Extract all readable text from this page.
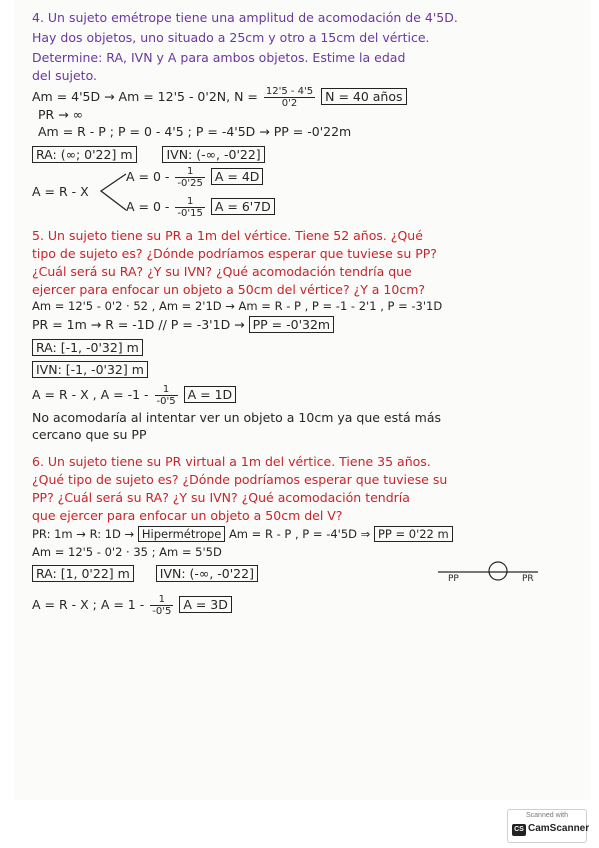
4. Un sujeto emétrope tiene una amplitud de acomodación de 4'5D.
Hay dos objetos, uno situado a 25cm y otro a 15cm del vértice.
Determine: RA, IVN y A para ambos objetos. Estime la edad
del sujeto.
Am = 4'5D → Am = 12'5 - 0'2N, $N = \frac{12'5 - 4'5}{0'2}$ N = 40 años
PR → ∞
Am = R - P ; P = 0 - 4'5 ; P = -4'5D → PP = -0'22m
RA: (∞; 0'22] m	IVN: (-∞, -0'22]
A = R - X
$A = 0 - \frac{1}{-0'25}$ A = 4D
$A = 0 - \frac{1}{-0'15}$ A = 6'7D
5. Un sujeto tiene su PR a 1m del vértice. Tiene 52 años. ¿Qué
tipo de sujeto es? ¿Dónde podríamos esperar que tuviese su PP?
¿Cuál será su RA? ¿Y su IVN? ¿Qué acomodación tendría que
ejercer para enfocar un objeto a 50cm del vértice? ¿Y a 10cm?
Am = 12'5 - 0'2 · 52 , Am = 2'1D → Am = R - P , P = -1 - 2'1 , P = -3'1D
PR = 1m → R = -1D // P = -3'1D → PP = -0'32m
RA: [-1, -0'32] m
IVN: [-1, -0'32] m
A = R - X , $A = -1 - \frac{1}{-0'5}$ A = 1D
No acomodaría al intentar ver un objeto a 10cm ya que está más
cercano que su PP
6. Un sujeto tiene su PR virtual a 1m del vértice. Tiene 35 años.
¿Qué tipo de sujeto es? ¿Dónde podríamos esperar que tuviese su
PP? ¿Cuál será su RA? ¿Y su IVN? ¿Qué acomodación tendría
que ejercer para enfocar un objeto a 50cm del V?
PR: 1m → R: 1D → Hipermétrope Am = R - P , P = -4'5D ⇒ PP = 0'22 m
Am = 12'5 - 0'2 · 35 ; Am = 5'5D
RA: [1, 0'22] m IVN: (-∞, -0'22]	PP	PR
A = R - X ; $A = 1 - \frac{1}{-0'5}$ A = 3D
Scanned with
CS CamScanner
